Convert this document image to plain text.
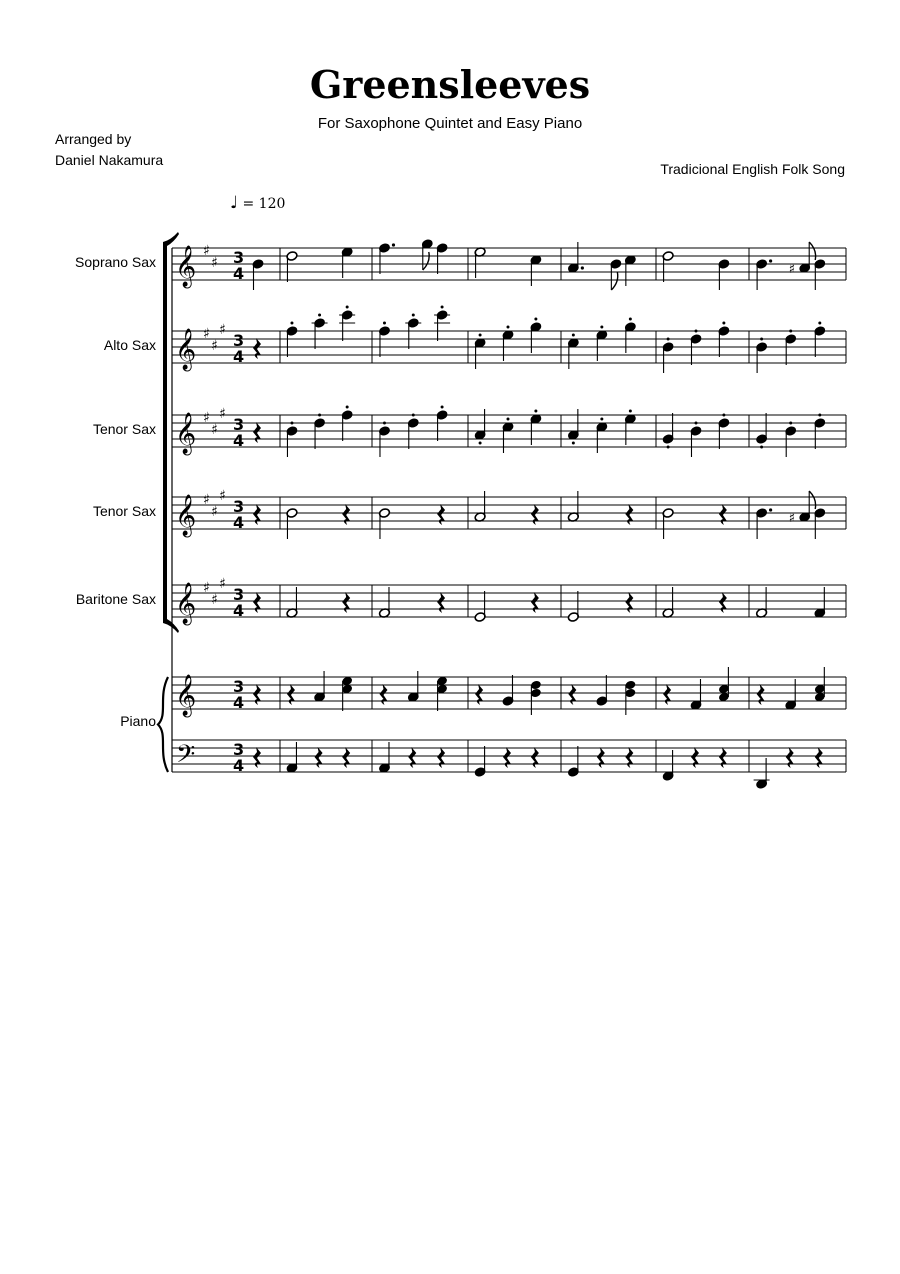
Greensleeves
For Saxophone Quintet and Easy Piano
Arranged by
Daniel Nakamura
Tradicional English Folk Song
♩ = 120
Soprano Sax
Alto Sax
Tenor Sax
Tenor Sax
Baritone Sax
Piano
𝄞 ♯
♯ 3
4
𝄞 ♯
♯
♯
3
4
𝄞 ♯
♯
♯
3
4
𝄞 ♯
♯
♯
3
4
𝄞 ♯
♯
♯
3
4
𝄞 3
4
𝄢 3
4
♯
♯
